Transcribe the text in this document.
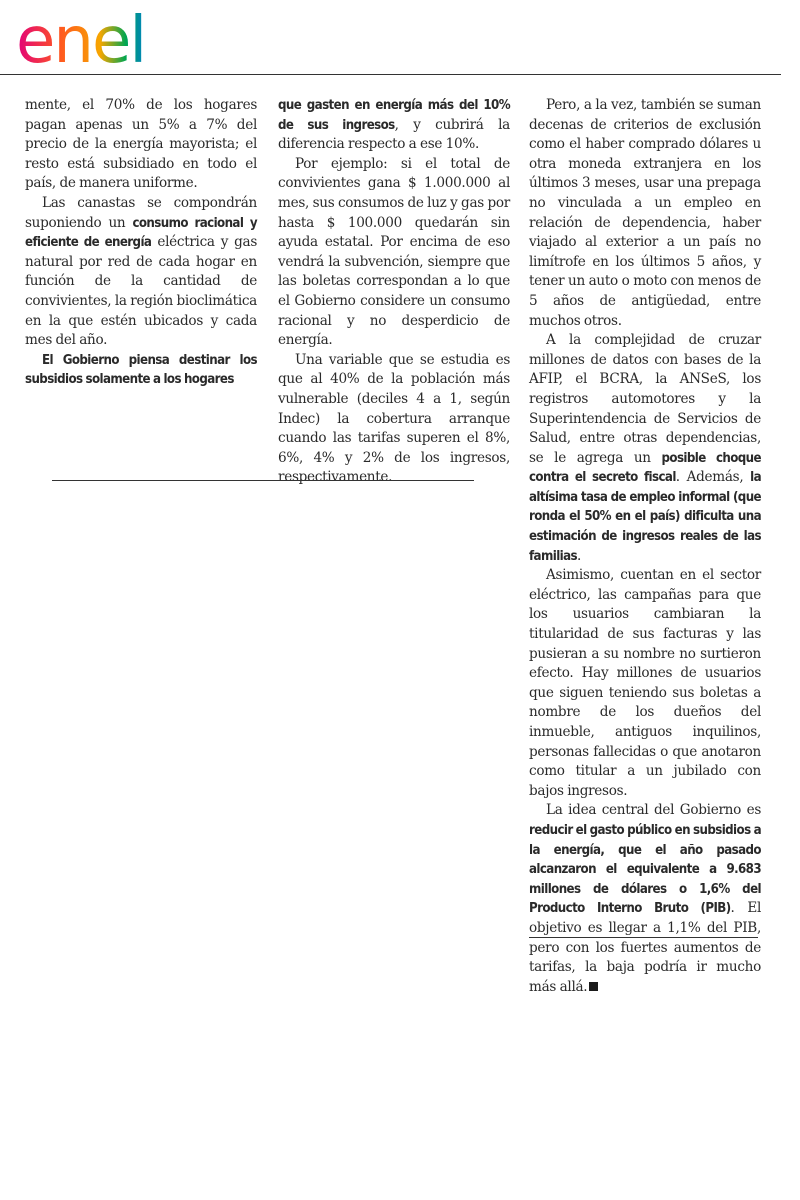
enel

mente, el 70% de los hogares pagan apenas un 5% a 7% del precio de la energía mayorista; el resto está subsidiado en todo el país, de manera uniforme.

Las canastas se compondrán suponiendo un consumo racional y eficiente de energía eléctrica y gas natural por red de cada hogar en función de la cantidad de convivientes, la región bioclimática en la que estén ubicados y cada mes del año.

El Gobierno piensa destinar los subsidios solamente a los hogares

que gasten en energía más del 10% de sus ingresos, y cubrirá la diferencia respecto a ese 10%.

Por ejemplo: si el total de convivientes gana $ 1.000.000 al mes, sus consumos de luz y gas por hasta $ 100.000 quedarán sin ayuda estatal. Por encima de eso vendrá la subvención, siempre que las boletas correspondan a lo que el Gobierno considere un consumo racional y no desperdicio de energía.

Una variable que se estudia es que al 40% de la población más vulnerable (deciles 4 a 1, según Indec) la cobertura arranque cuando las tarifas superen el 8%, 6%, 4% y 2% de los ingresos, respectivamente.

Pero, a la vez, también se suman decenas de criterios de exclusión como el haber comprado dólares u otra moneda extranjera en los últimos 3 meses, usar una prepaga no vinculada a un empleo en relación de dependencia, haber viajado al exterior a un país no limítrofe en los últimos 5 años, y tener un auto o moto con menos de 5 años de antigüedad, entre muchos otros.

A la complejidad de cruzar millones de datos con bases de la AFIP, el BCRA, la ANSeS, los registros automotores y la Superintendencia de Servicios de Salud, entre otras dependencias, se le agrega un posible choque contra el secreto fiscal. Además, la altísima tasa de empleo informal (que ronda el 50% en el país) dificulta una estimación de ingresos reales de las familias.

Asimismo, cuentan en el sector eléctrico, las campañas para que los usuarios cambiaran la titularidad de sus facturas y las pusieran a su nombre no surtieron efecto. Hay millones de usuarios que siguen teniendo sus boletas a nombre de los dueños del inmueble, antiguos inquilinos, personas fallecidas o que anotaron como titular a un jubilado con bajos ingresos.

La idea central del Gobierno es reducir el gasto público en subsidios a la energía, que el año pasado alcanzaron el equivalente a 9.683 millones de dólares o 1,6% del Producto Interno Bruto (PIB). El objetivo es llegar a 1,1% del PIB, pero con los fuertes aumentos de tarifas, la baja podría ir mucho más allá.
